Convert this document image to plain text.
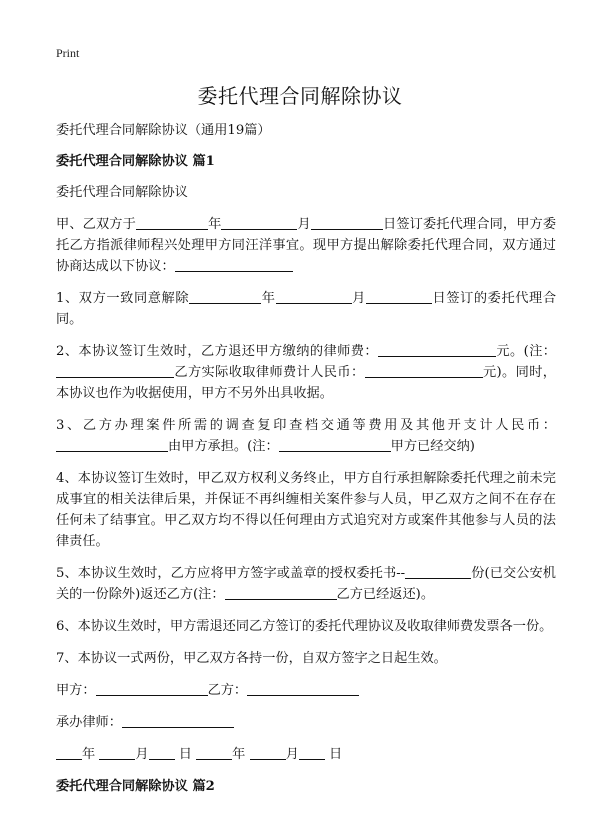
Print
委托代理合同解除协议

委托代理合同解除协议（通用19篇）

委托代理合同解除协议 篇1

委托代理合同解除协议

甲、乙双方于	年	月	日签订委托代理合同，甲方委托乙方指派律师程兴处理甲方同汪洋事宜。现甲方提出解除委托代理合同，双方通过协商达成以下协议：

1、双方一致同意解除	年	月	日签订的委托代理合同。

2、本协议签订生效时，乙方退还甲方缴纳的律师费：	元。(注：乙方实际收取律师费计人民币：	元)。同时，本协议也作为收据使用，甲方不另外出具收据。

3、乙方办理案件所需的调查复印查档交通等费用及其他开支计人民币：由甲方承担。(注：	甲方已经交纳)

4、本协议签订生效时，甲乙双方权利义务终止，甲方自行承担解除委托代理之前未完成事宜的相关法律后果，并保证不再纠缠相关案件参与人员，甲乙双方之间不在存在任何未了结事宜。甲乙双方均不得以任何理由方式追究对方或案件其他参与人员的法律责任。

5、本协议生效时，乙方应将甲方签字或盖章的授权委托书--	份(已交公安机关的一份除外)返还乙方(注：	乙方已经返还)。

6、本协议生效时，甲方需退还同乙方签订的委托代理协议及收取律师费发票各一份。

7、本协议一式两份，甲乙双方各持一份，自双方签字之日起生效。

甲方：	乙方：

承办律师：

年	月 日	年	月 日

委托代理合同解除协议 篇2
